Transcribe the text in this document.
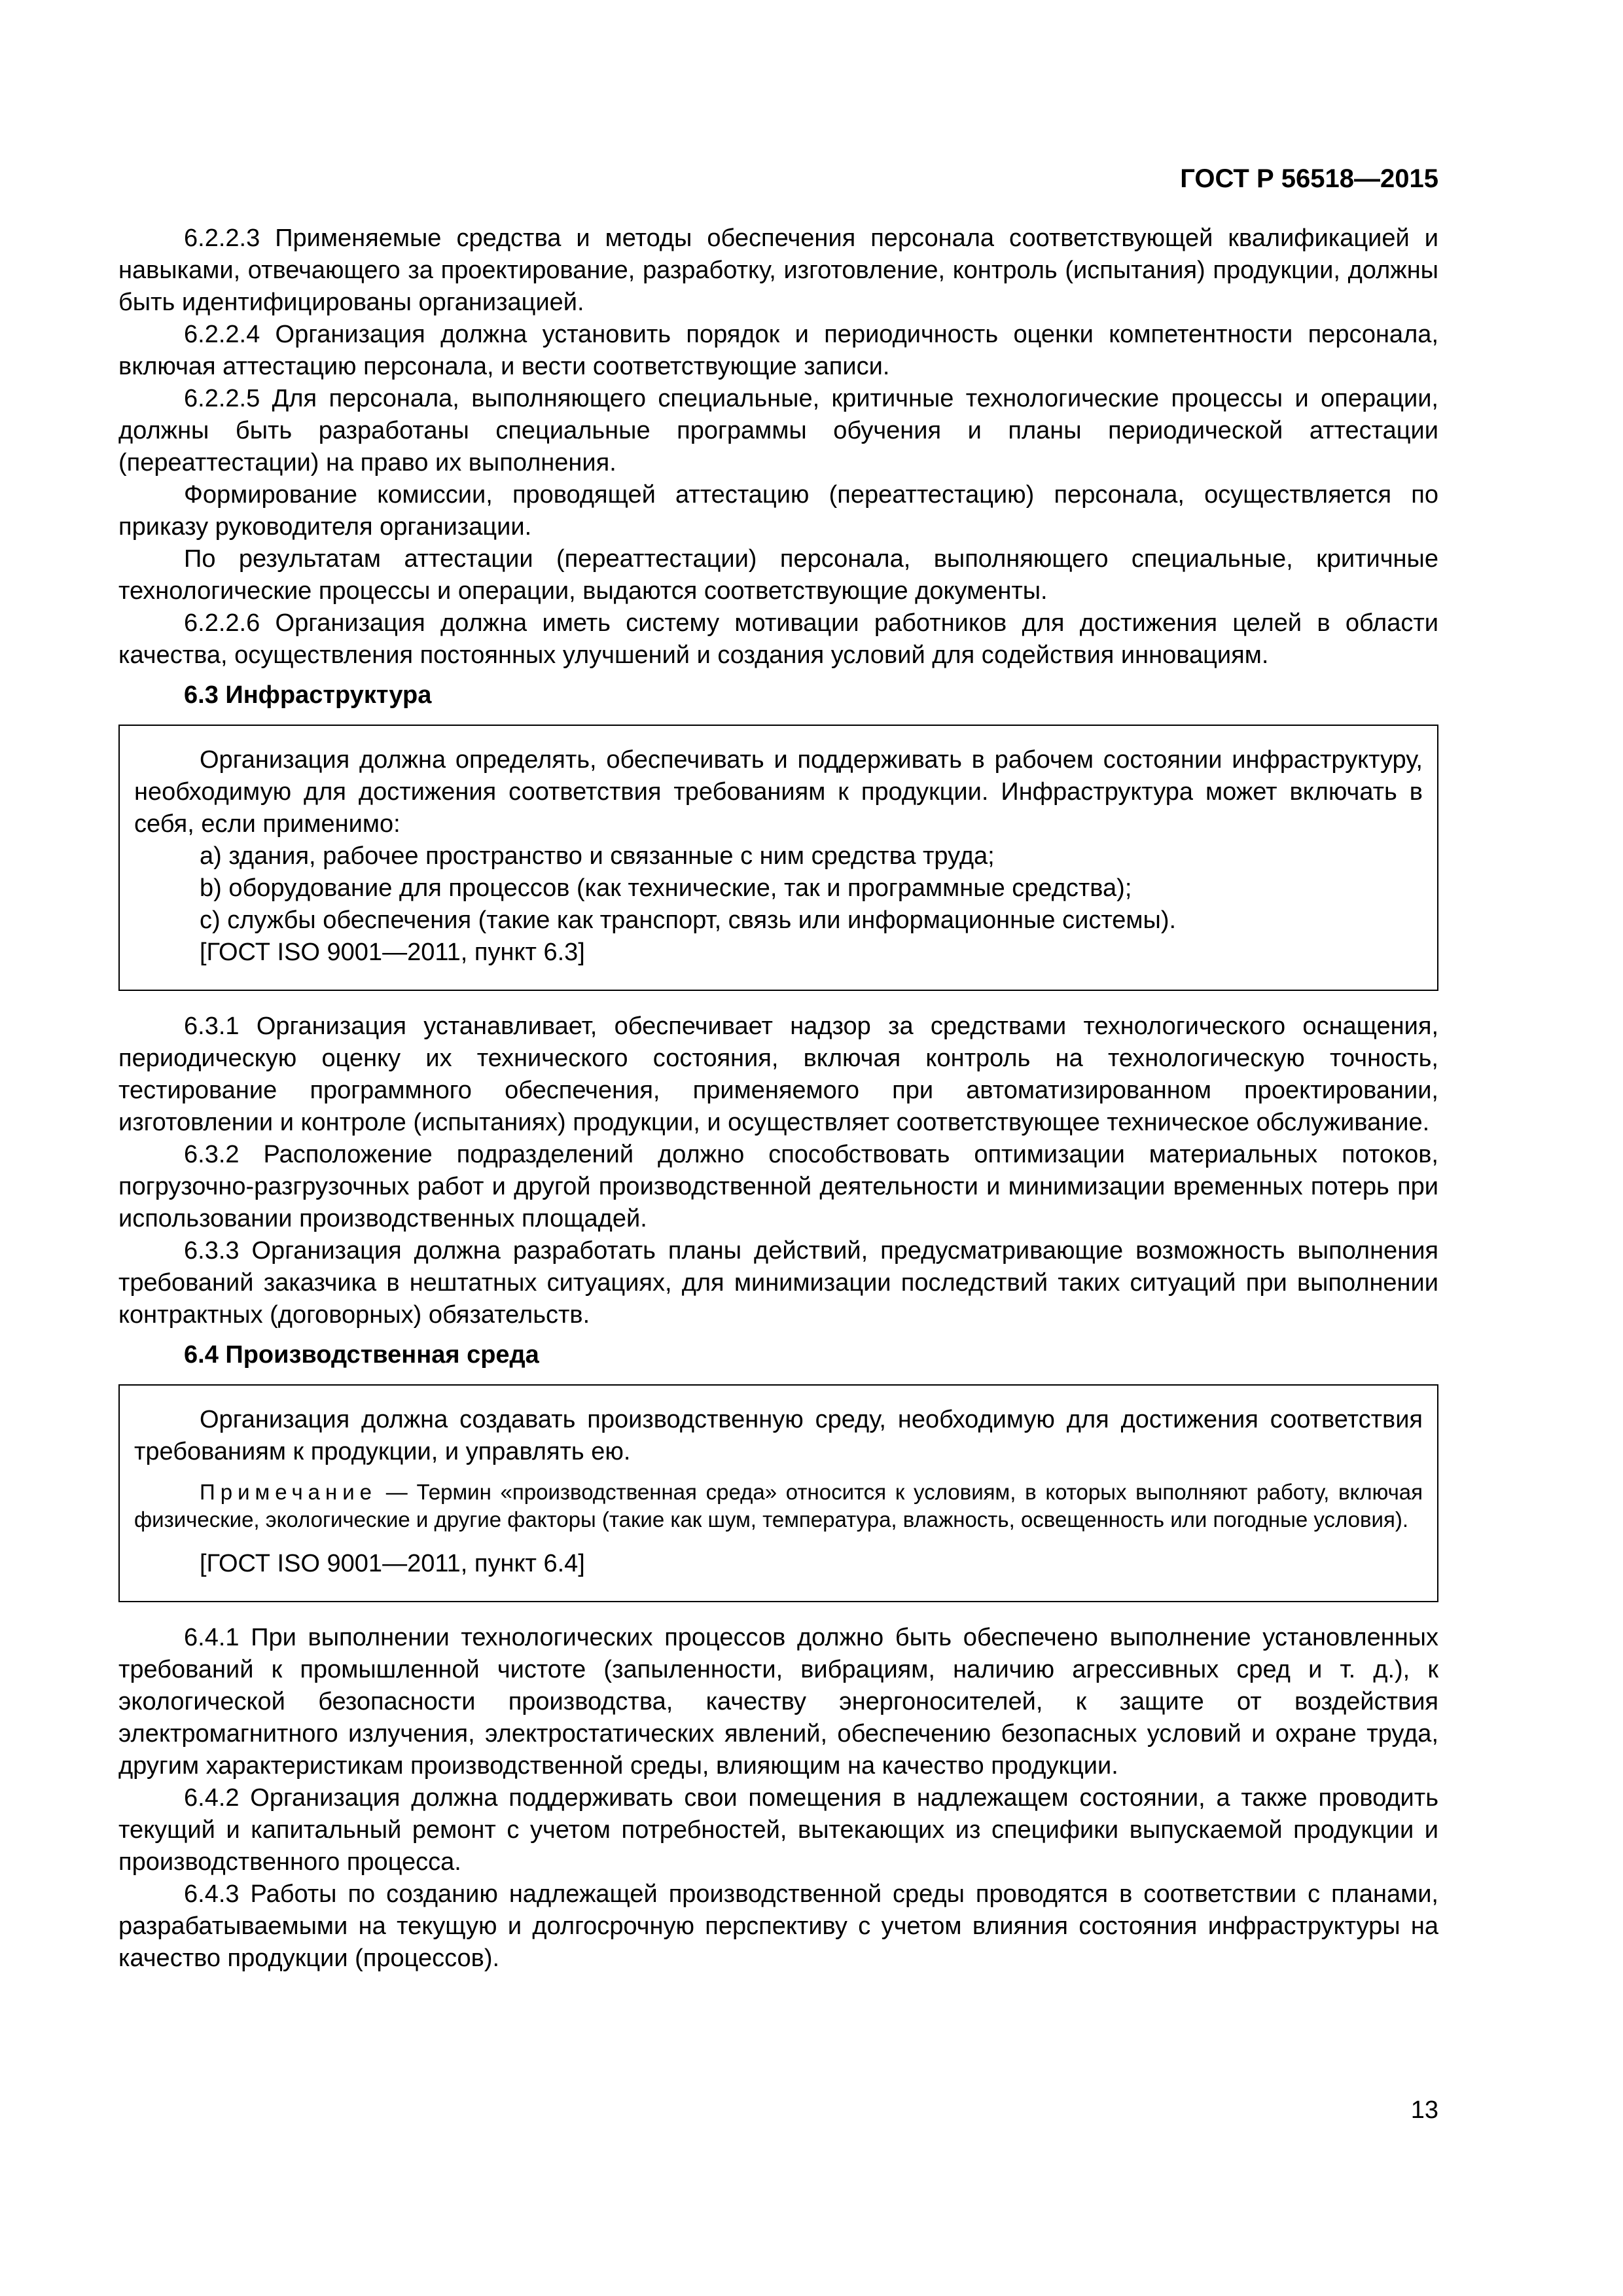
ГОСТ Р 56518—2015

6.2.2.3 Применяемые средства и методы обеспечения персонала соответствующей квалификацией и навыками, отвечающего за проектирование, разработку, изготовление, контроль (испытания) продукции, должны быть идентифицированы организацией.

6.2.2.4 Организация должна установить порядок и периодичность оценки компетентности персонала, включая аттестацию персонала, и вести соответствующие записи.

6.2.2.5 Для персонала, выполняющего специальные, критичные технологические процессы и операции, должны быть разработаны специальные программы обучения и планы периодической аттестации (переаттестации) на право их выполнения.

Формирование комиссии, проводящей аттестацию (переаттестацию) персонала, осуществляется по приказу руководителя организации.

По результатам аттестации (переаттестации) персонала, выполняющего специальные, критичные технологические процессы и операции, выдаются соответствующие документы.

6.2.2.6 Организация должна иметь систему мотивации работников для достижения целей в области качества, осуществления постоянных улучшений и создания условий для содействия инновациям.

6.3 Инфраструктура

Организация должна определять, обеспечивать и поддерживать в рабочем состоянии инфраструктуру, необходимую для достижения соответствия требованиям к продукции. Инфраструктура может включать в себя, если применимо:

a) здания, рабочее пространство и связанные с ним средства труда;

b) оборудование для процессов (как технические, так и программные средства);

c) службы обеспечения (такие как транспорт, связь или информационные системы).

[ГОСТ ISO 9001—2011, пункт 6.3]

6.3.1 Организация устанавливает, обеспечивает надзор за средствами технологического оснащения, периодическую оценку их технического состояния, включая контроль на технологическую точность, тестирование программного обеспечения, применяемого при автоматизированном проектировании, изготовлении и контроле (испытаниях) продукции, и осуществляет соответствующее техническое обслуживание.

6.3.2 Расположение подразделений должно способствовать оптимизации материальных потоков, погрузочно-разгрузочных работ и другой производственной деятельности и минимизации временных потерь при использовании производственных площадей.

6.3.3 Организация должна разработать планы действий, предусматривающие возможность выполнения требований заказчика в нештатных ситуациях, для минимизации последствий таких ситуаций при выполнении контрактных (договорных) обязательств.

6.4 Производственная среда

Организация должна создавать производственную среду, необходимую для достижения соответствия требованиям к продукции, и управлять ею.

Примечание — Термин «производственная среда» относится к условиям, в которых выполняют работу, включая физические, экологические и другие факторы (такие как шум, температура, влажность, освещенность или погодные условия).

[ГОСТ ISO 9001—2011, пункт 6.4]

6.4.1 При выполнении технологических процессов должно быть обеспечено выполнение установленных требований к промышленной чистоте (запыленности, вибрациям, наличию агрессивных сред и т. д.), к экологической безопасности производства, качеству энергоносителей, к защите от воздействия электромагнитного излучения, электростатических явлений, обеспечению безопасных условий и охране труда, другим характеристикам производственной среды, влияющим на качество продукции.

6.4.2 Организация должна поддерживать свои помещения в надлежащем состоянии, а также проводить текущий и капитальный ремонт с учетом потребностей, вытекающих из специфики выпускаемой продукции и производственного процесса.

6.4.3 Работы по созданию надлежащей производственной среды проводятся в соответствии с планами, разрабатываемыми на текущую и долгосрочную перспективу с учетом влияния состояния инфраструктуры на качество продукции (процессов).

13
